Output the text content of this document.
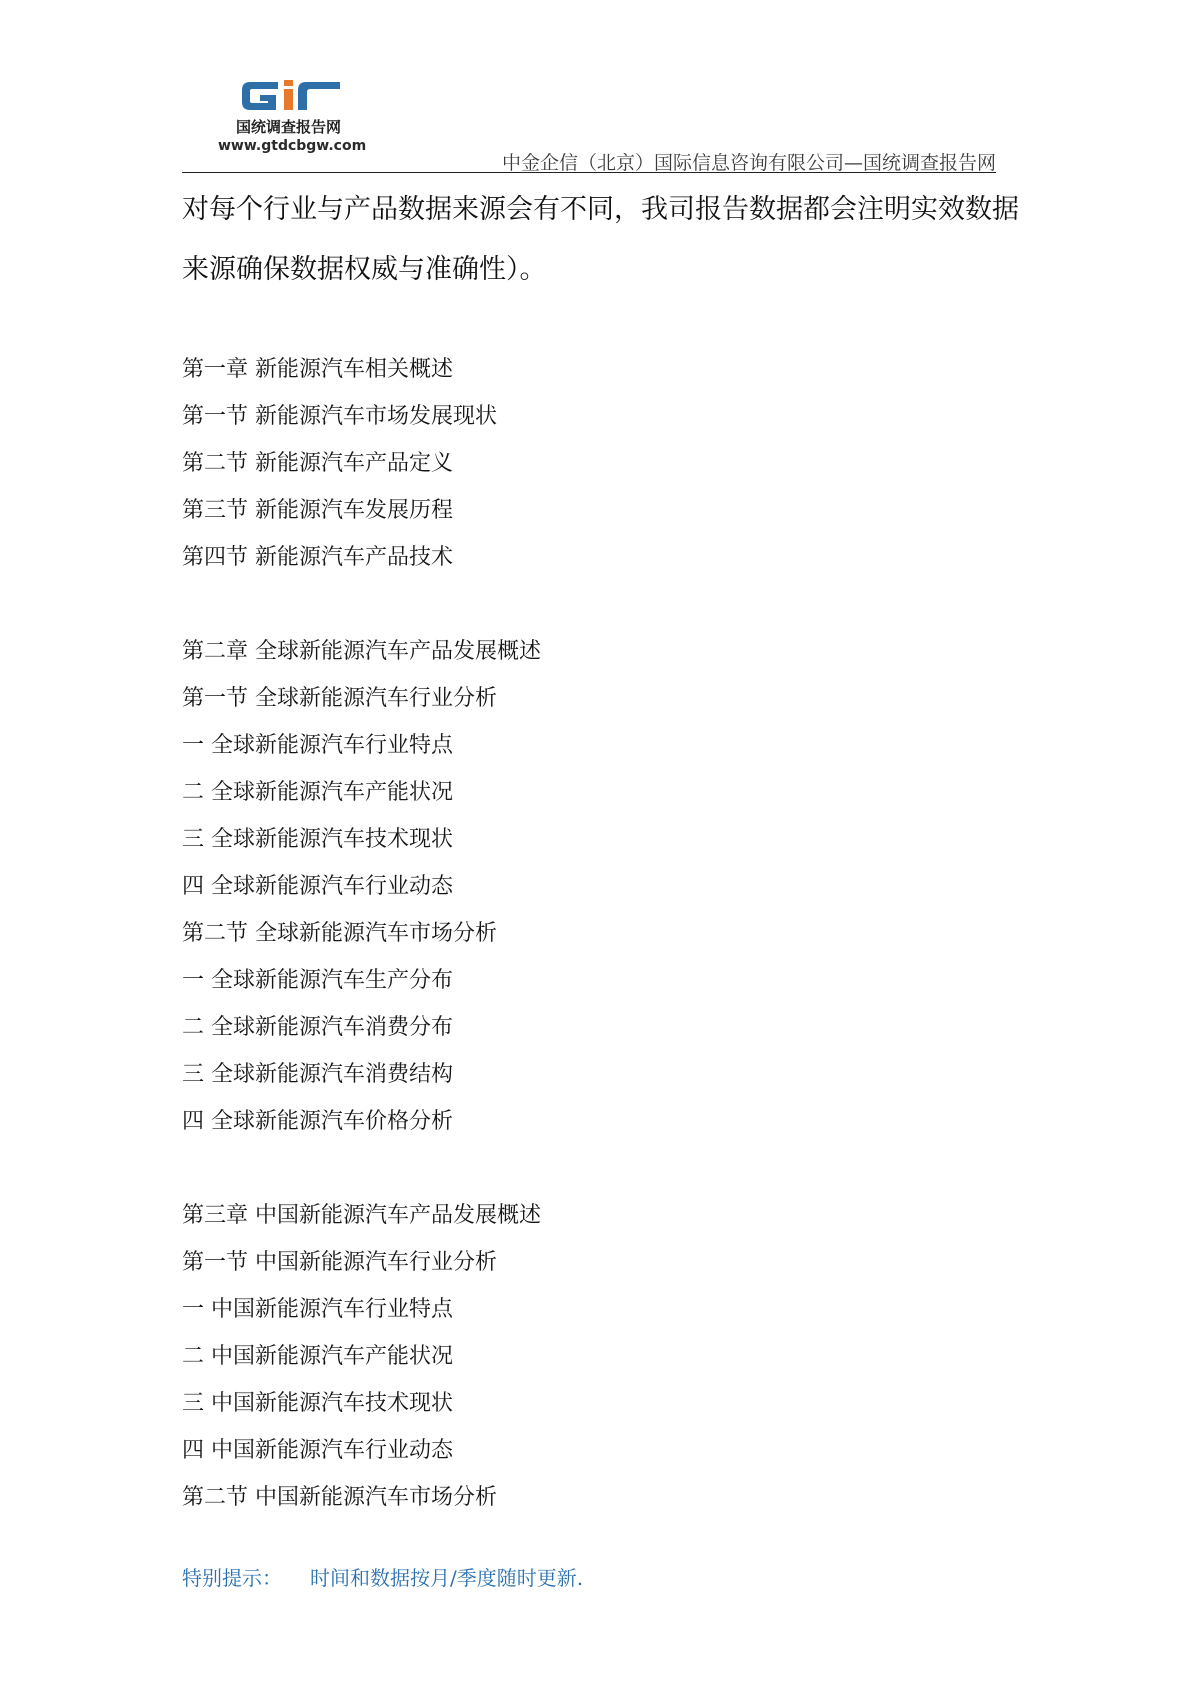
国统调查报告网
www.gtdcbgw.com
中金企信（北京）国际信息咨询有限公司—国统调查报告网
对每个行业与产品数据来源会有不同，我司报告数据都会注明实效数据来源确保数据权威与准确性）。
第一章 新能源汽车相关概述
第一节 新能源汽车市场发展现状
第二节 新能源汽车产品定义
第三节 新能源汽车发展历程
第四节 新能源汽车产品技术
第二章 全球新能源汽车产品发展概述
第一节 全球新能源汽车行业分析
一 全球新能源汽车行业特点
二 全球新能源汽车产能状况
三 全球新能源汽车技术现状
四 全球新能源汽车行业动态
第二节 全球新能源汽车市场分析
一 全球新能源汽车生产分布
二 全球新能源汽车消费分布
三 全球新能源汽车消费结构
四 全球新能源汽车价格分析
第三章 中国新能源汽车产品发展概述
第一节 中国新能源汽车行业分析
一 中国新能源汽车行业特点
二 中国新能源汽车产能状况
三 中国新能源汽车技术现状
四 中国新能源汽车行业动态
第二节 中国新能源汽车市场分析
特别提示： 时间和数据按月/季度随时更新.
